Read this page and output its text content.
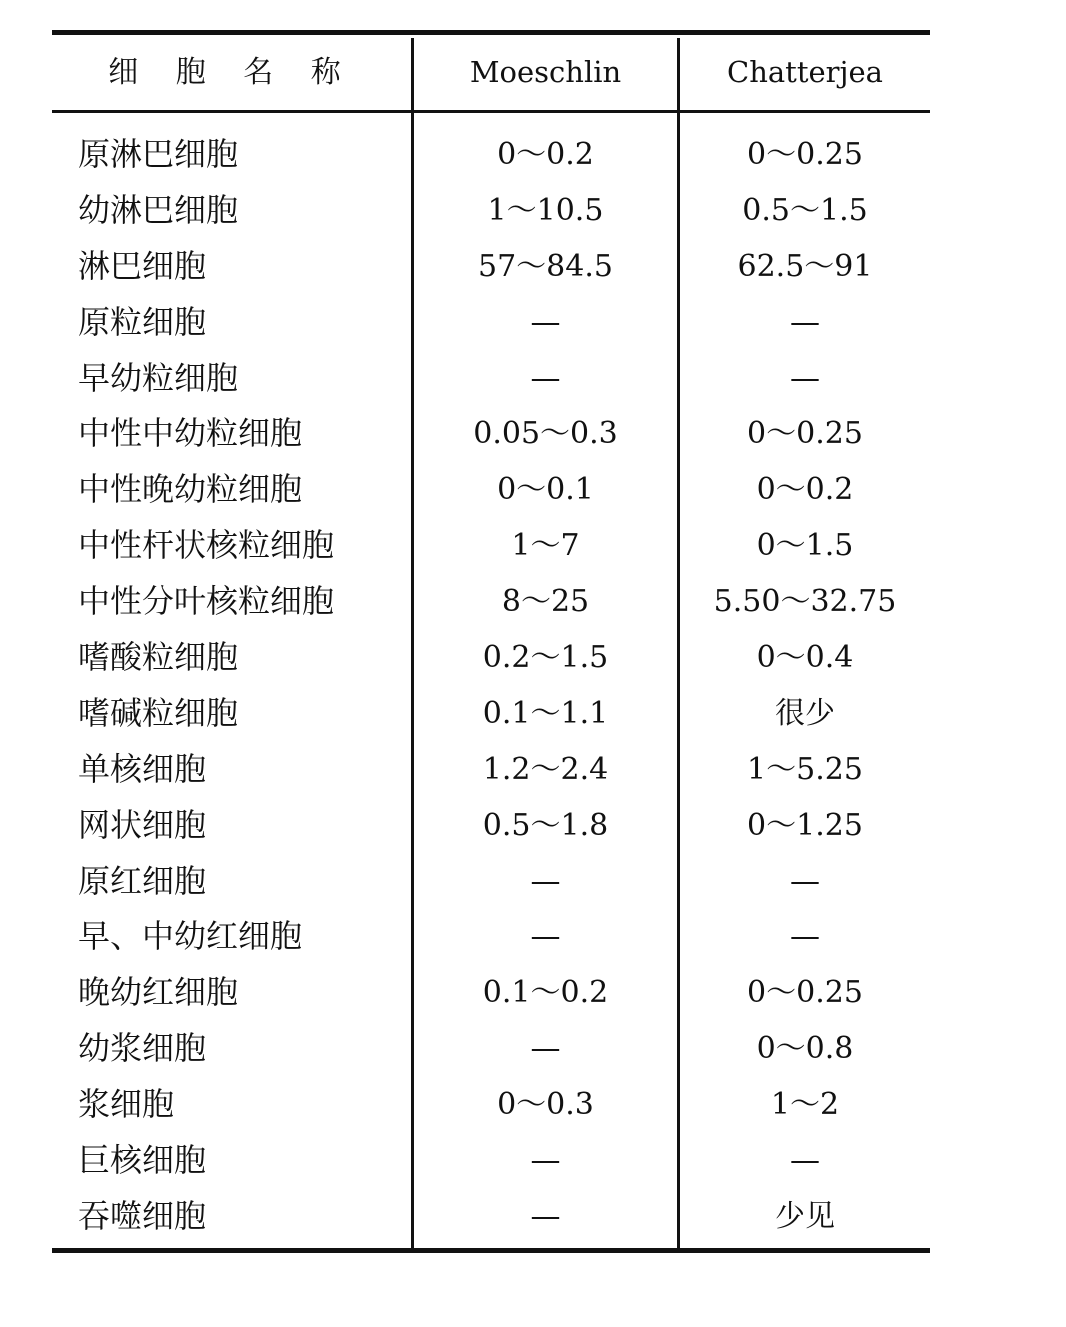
细 胞 名 称	Moeschlin	Chatterjea
原淋巴细胞	0～0.2	0～0.25
幼淋巴细胞	1～10.5	0.5～1.5
淋巴细胞	57～84.5	62.5～91
原粒细胞	—	—
早幼粒细胞	—	—
中性中幼粒细胞	0.05～0.3	0～0.25
中性晚幼粒细胞	0～0.1	0～0.2
中性杆状核粒细胞	1～7	0～1.5
中性分叶核粒细胞	8～25	5.50～32.75
嗜酸粒细胞	0.2～1.5	0～0.4
嗜碱粒细胞	0.1～1.1	很少
单核细胞	1.2～2.4	1～5.25
网状细胞	0.5～1.8	0～1.25
原红细胞	—	—
早、中幼红细胞	—	—
晚幼红细胞	0.1～0.2	0～0.25
幼浆细胞	—	0～0.8
浆细胞	0～0.3	1～2
巨核细胞	—	—
吞噬细胞	—	少见
